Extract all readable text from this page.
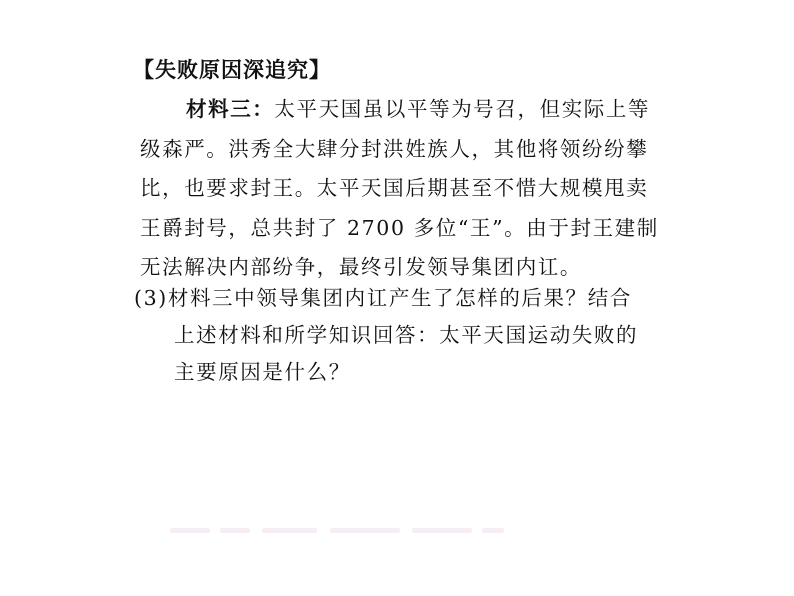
【失败原因深追究】
材料三：太平天国虽以平等为号召，但实际上等
级森严。洪秀全大肆分封洪姓族人，其他将领纷纷攀
比，也要求封王。太平天国后期甚至不惜大规模甩卖
王爵封号，总共封了 2700 多位“王”。由于封王建制
无法解决内部纷争，最终引发领导集团内讧。
(3)材料三中领导集团内讧产生了怎样的后果？结合
上述材料和所学知识回答：太平天国运动失败的
主要原因是什么？
